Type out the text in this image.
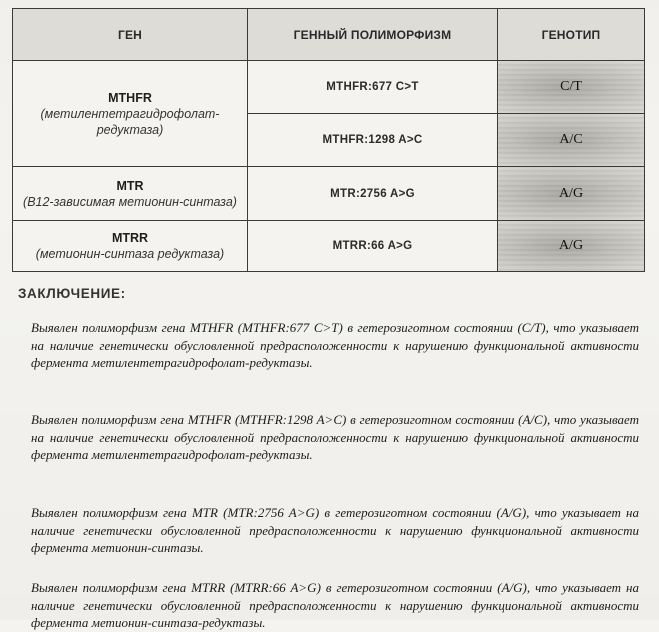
ГЕН	ГЕННЫЙ ПОЛИМОРФИЗМ	ГЕНОТИП

MTHFR
(метилентетрагидрофолат-редуктаза)	MTHFR:677 C>T	C/T
	MTHFR:1298 A>C	A/C

MTR
(B12-зависимая метионин-синтаза)	MTR:2756 A>G	A/G

MTRR
(метионин-синтаза редуктаза)	MTRR:66 A>G	A/G
ЗАКЛЮЧЕНИЕ:

Выявлен полиморфизм гена MTHFR (MTHFR:677 C>T) в гетерозиготном состоянии (C/T), что указывает на наличие генетически обусловленной предрасположенности к нарушению функциональной активности фермента метилентетрагидрофолат-редуктазы.

Выявлен полиморфизм гена MTHFR (MTHFR:1298 A>C) в гетерозиготном состоянии (A/C), что указывает на наличие генетически обусловленной предрасположенности к нарушению функциональной активности фермента метилентетрагидрофолат-редуктазы.

Выявлен полиморфизм гена MTR (MTR:2756 A>G) в гетерозиготном состоянии (A/G), что указывает на наличие генетически обусловленной предрасположенности к нарушению функциональной активности фермента метионин-синтазы.

Выявлен полиморфизм гена MTRR (MTRR:66 A>G) в гетерозиготном состоянии (A/G), что указывает на наличие генетически обусловленной предрасположенности к нарушению функциональной активности фермента метионин-синтаза-редуктазы.
